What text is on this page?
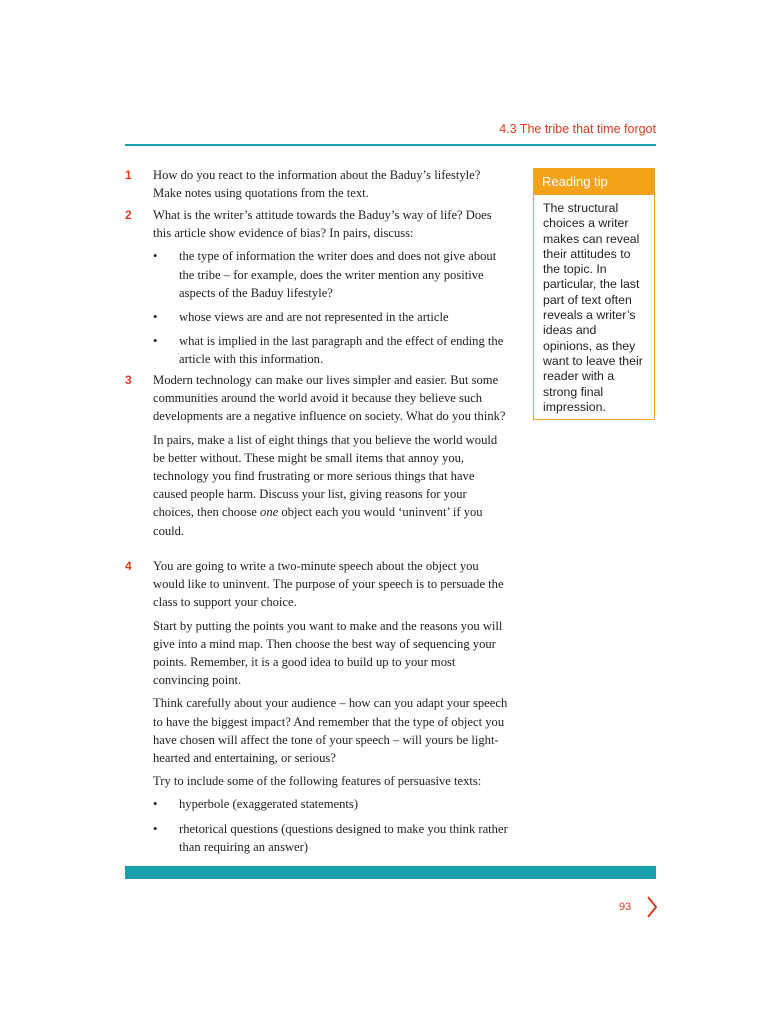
4.3 The tribe that time forgot
1	How do you react to the information about the Baduy’s lifestyle? Make notes using quotations from the text.

2	What is the writer’s attitude towards the Baduy’s way of life? Does this article show evidence of bias? In pairs, discuss:

• the type of information the writer does and does not give about the tribe – for example, does the writer mention any positive aspects of the Baduy lifestyle?
• whose views are and are not represented in the article
• what is implied in the last paragraph and the effect of ending the article with this information.
3	Modern technology can make our lives simpler and easier. But some communities around the world avoid it because they believe such developments are a negative influence on society. What do you think?

In pairs, make a list of eight things that you believe the world would be better without. These might be small items that annoy you, technology you find frustrating or more serious things that have caused people harm. Discuss your list, giving reasons for your choices, then choose one object each you would ‘uninvent’ if you could.

4	You are going to write a two-minute speech about the object you would like to uninvent. The purpose of your speech is to persuade the class to support your choice.

Start by putting the points you want to make and the reasons you will give into a mind map. Then choose the best way of sequencing your points. Remember, it is a good idea to build up to your most convincing point.

Think carefully about your audience – how can you adapt your speech to have the biggest impact? And remember that the type of object you have chosen will affect the tone of your speech – will yours be light-hearted and entertaining, or serious?

Try to include some of the following features of persuasive texts:

• hyperbole (exaggerated statements)
• rhetorical questions (questions designed to make you think rather than requiring an answer)
Reading tip
The structural choices a writer makes can reveal their attitudes to the topic. In particular, the last part of text often reveals a writer’s ideas and opinions, as they want to leave their reader with a strong final impression.
93
